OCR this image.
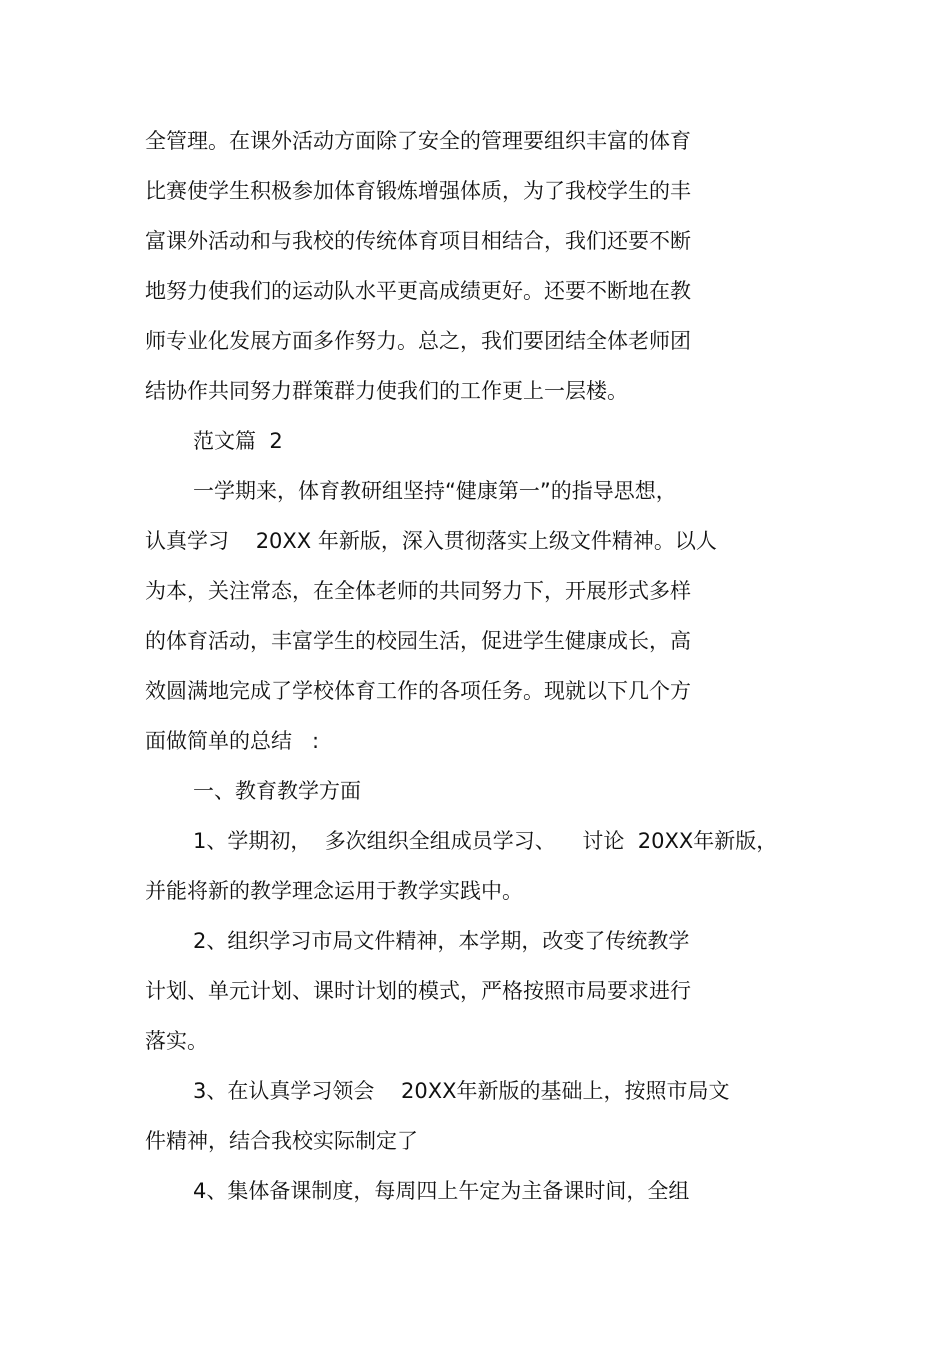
全管理。在课外活动方面除了安全的管理要组织丰富的体育

比赛使学生积极参加体育锻炼增强体质，为了我校学生的丰

富课外活动和与我校的传统体育项目相结合，我们还要不断

地努力使我们的运动队水平更高成绩更好。还要不断地在教

师专业化发展方面多作努力。总之，我们要团结全体老师团

结协作共同努力群策群力使我们的工作更上一层楼。

范文篇  2

一学期来，体育教研组坚持“健康第一”的指导思想，

认真学习    20XX 年新版，深入贯彻落实上级文件精神。以人

为本，关注常态，在全体老师的共同努力下，开展形式多样

的体育活动，丰富学生的校园生活，促进学生健康成长，高

效圆满地完成了学校体育工作的各项任务。现就以下几个方

面做简单的总结   :

一、教育教学方面

1、学期初，  多次组织全组成员学习、    讨论  20XX年新版，

并能将新的教学理念运用于教学实践中。

2、组织学习市局文件精神，本学期，改变了传统教学

计划、单元计划、课时计划的模式，严格按照市局要求进行

落实。

3、在认真学习领会    20XX年新版的基础上，按照市局文

件精神，结合我校实际制定了

4、集体备课制度，每周四上午定为主备课时间，全组
